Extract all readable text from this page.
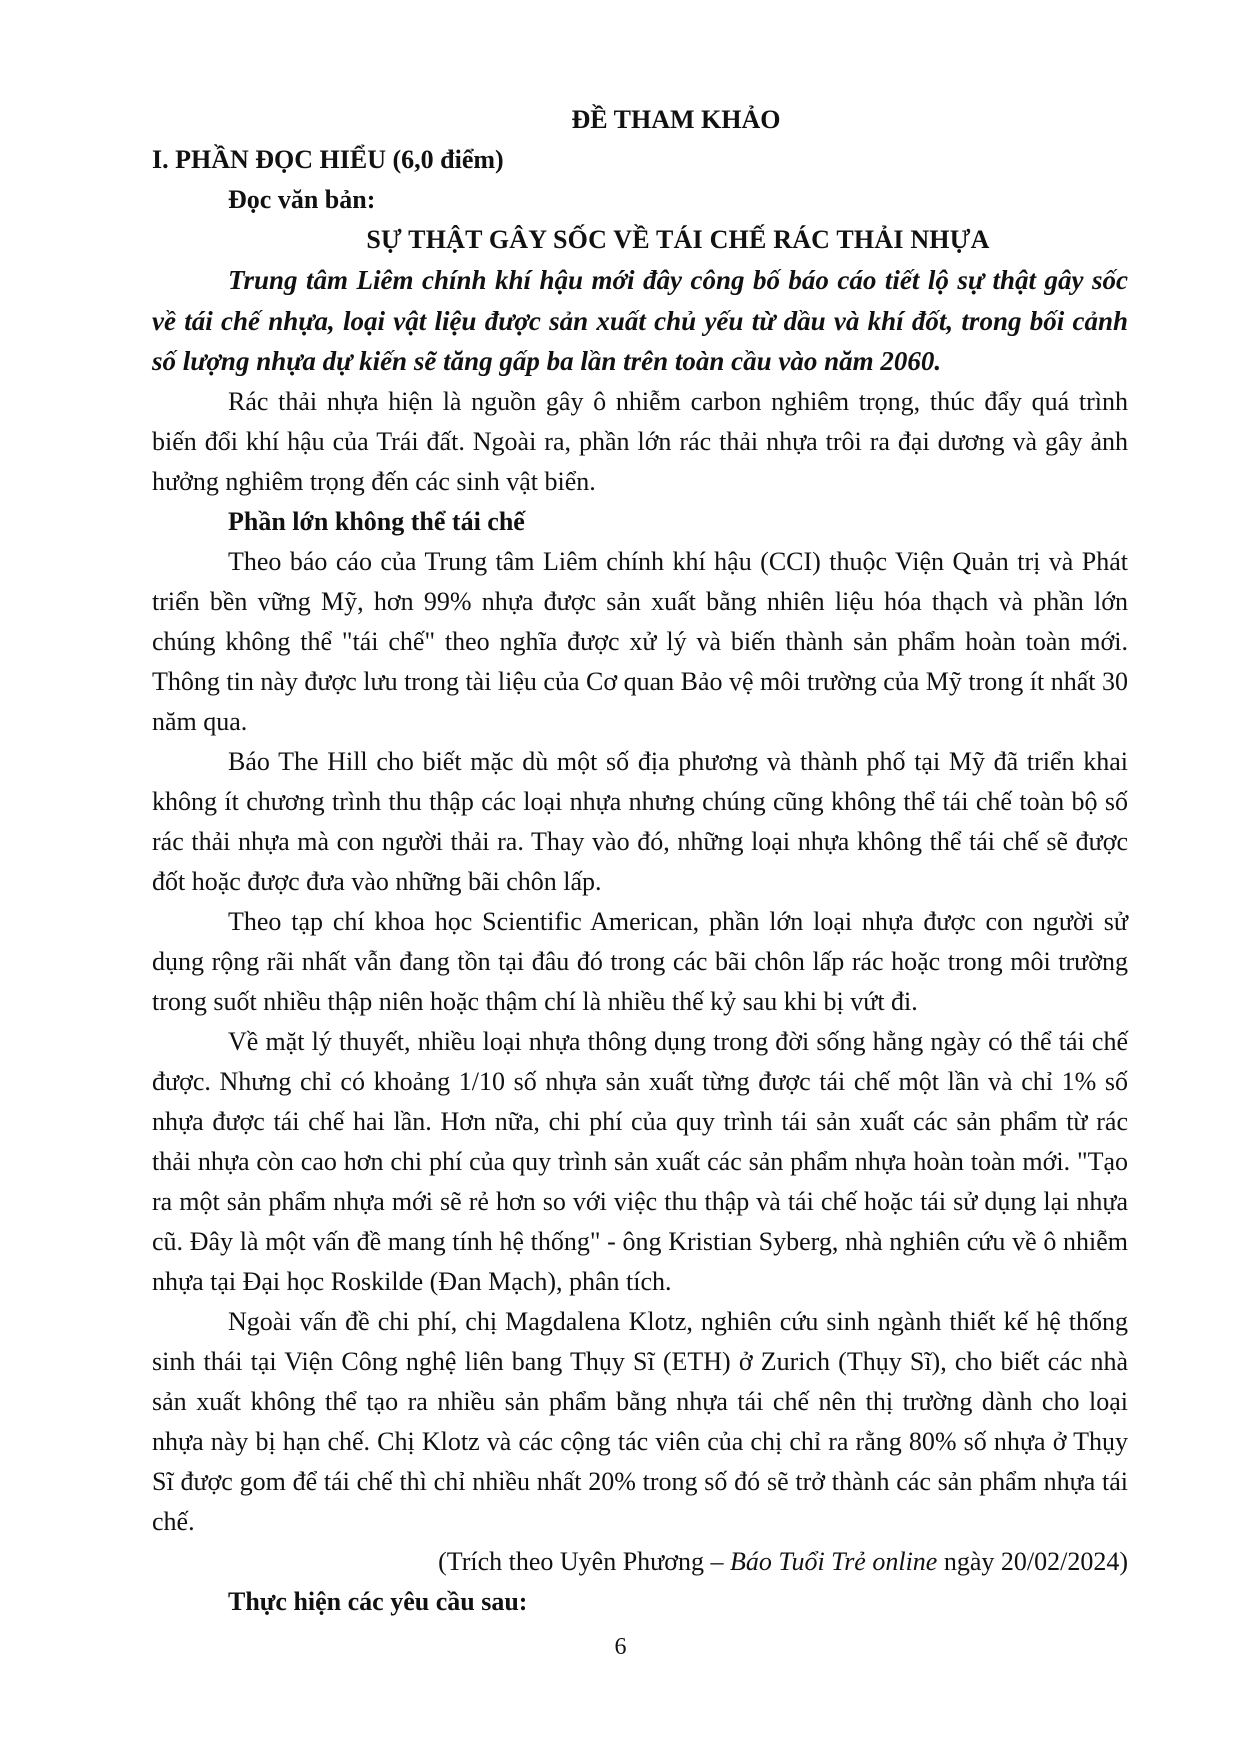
ĐỀ THAM KHẢO

I. PHẦN ĐỌC HIỂU (6,0 điểm)

Đọc văn bản:

SỰ THẬT GÂY SỐC VỀ TÁI CHẾ RÁC THẢI NHỰA

Trung tâm Liêm chính khí hậu mới đây công bố báo cáo tiết lộ sự thật gây sốc về tái chế nhựa, loại vật liệu được sản xuất chủ yếu từ dầu và khí đốt, trong bối cảnh số lượng nhựa dự kiến sẽ tăng gấp ba lần trên toàn cầu vào năm 2060.

Rác thải nhựa hiện là nguồn gây ô nhiễm carbon nghiêm trọng, thúc đẩy quá trình biến đổi khí hậu của Trái đất. Ngoài ra, phần lớn rác thải nhựa trôi ra đại dương và gây ảnh hưởng nghiêm trọng đến các sinh vật biển.

Phần lớn không thể tái chế

Theo báo cáo của Trung tâm Liêm chính khí hậu (CCI) thuộc Viện Quản trị và Phát triển bền vững Mỹ, hơn 99% nhựa được sản xuất bằng nhiên liệu hóa thạch và phần lớn chúng không thể "tái chế" theo nghĩa được xử lý và biến thành sản phẩm hoàn toàn mới. Thông tin này được lưu trong tài liệu của Cơ quan Bảo vệ môi trường của Mỹ trong ít nhất 30 năm qua.

Báo The Hill cho biết mặc dù một số địa phương và thành phố tại Mỹ đã triển khai không ít chương trình thu thập các loại nhựa nhưng chúng cũng không thể tái chế toàn bộ số rác thải nhựa mà con người thải ra. Thay vào đó, những loại nhựa không thể tái chế sẽ được đốt hoặc được đưa vào những bãi chôn lấp.

Theo tạp chí khoa học Scientific American, phần lớn loại nhựa được con người sử dụng rộng rãi nhất vẫn đang tồn tại đâu đó trong các bãi chôn lấp rác hoặc trong môi trường trong suốt nhiều thập niên hoặc thậm chí là nhiều thế kỷ sau khi bị vứt đi.

Về mặt lý thuyết, nhiều loại nhựa thông dụng trong đời sống hằng ngày có thể tái chế được. Nhưng chỉ có khoảng 1/10 số nhựa sản xuất từng được tái chế một lần và chỉ 1% số nhựa được tái chế hai lần. Hơn nữa, chi phí của quy trình tái sản xuất các sản phẩm từ rác thải nhựa còn cao hơn chi phí của quy trình sản xuất các sản phẩm nhựa hoàn toàn mới. "Tạo ra một sản phẩm nhựa mới sẽ rẻ hơn so với việc thu thập và tái chế hoặc tái sử dụng lại nhựa cũ. Đây là một vấn đề mang tính hệ thống" - ông Kristian Syberg, nhà nghiên cứu về ô nhiễm nhựa tại Đại học Roskilde (Đan Mạch), phân tích.

Ngoài vấn đề chi phí, chị Magdalena Klotz, nghiên cứu sinh ngành thiết kế hệ thống sinh thái tại Viện Công nghệ liên bang Thụy Sĩ (ETH) ở Zurich (Thụy Sĩ), cho biết các nhà sản xuất không thể tạo ra nhiều sản phẩm bằng nhựa tái chế nên thị trường dành cho loại nhựa này bị hạn chế. Chị Klotz và các cộng tác viên của chị chỉ ra rằng 80% số nhựa ở Thụy Sĩ được gom để tái chế thì chỉ nhiều nhất 20% trong số đó sẽ trở thành các sản phẩm nhựa tái chế.

(Trích theo Uyên Phương – Báo Tuổi Trẻ online ngày 20/02/2024)

Thực hiện các yêu cầu sau:

6
